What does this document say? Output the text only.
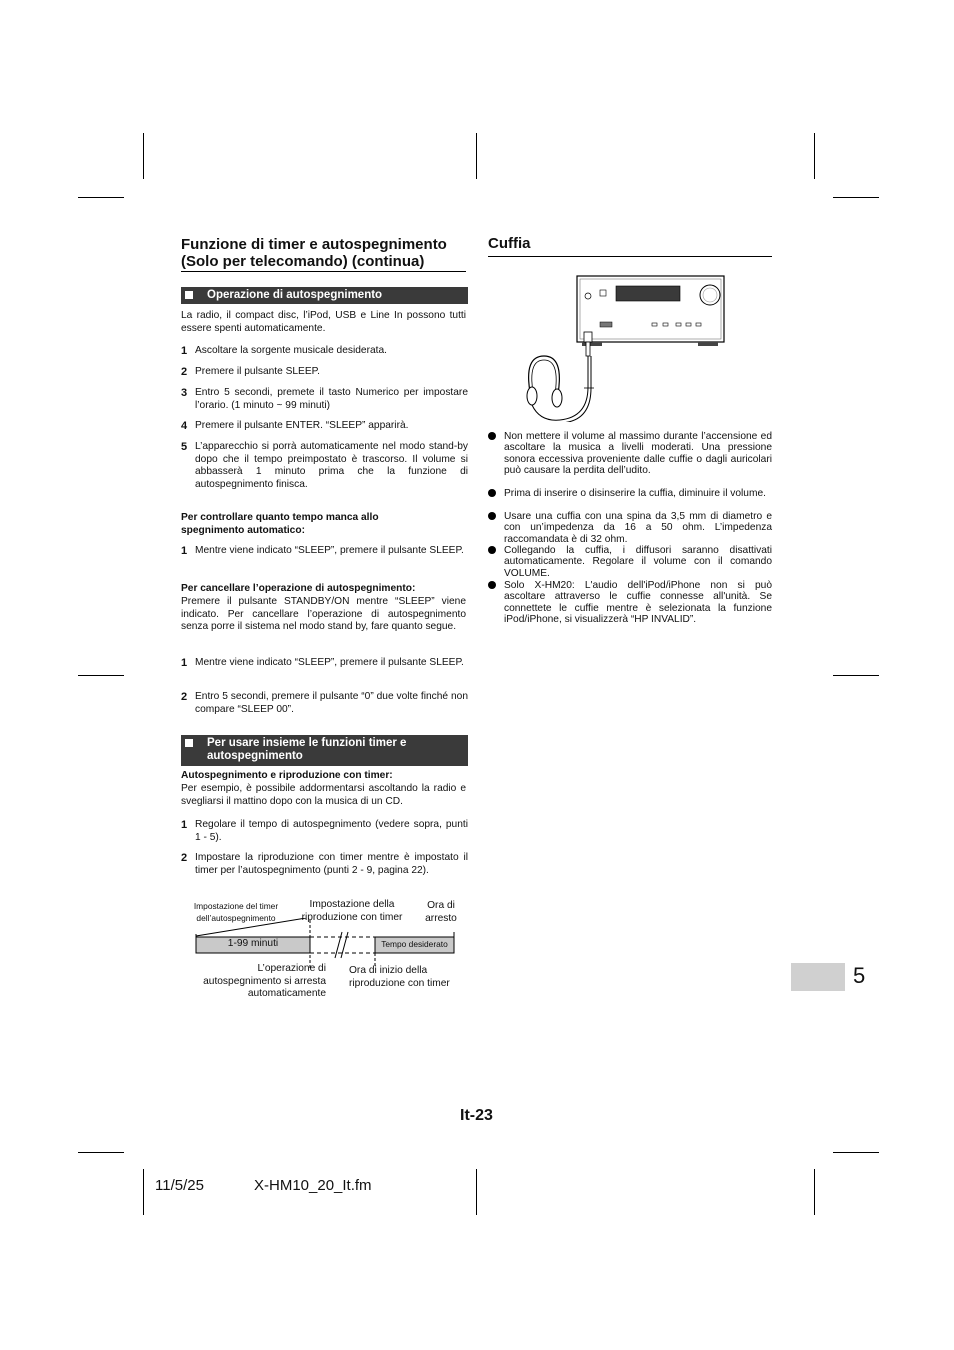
Funzione di timer e autospegnimento
(Solo per telecomando) (continua)
Operazione di autospegnimento
La radio, il compact disc, l’iPod, USB e Line In possono tutti essere spenti automaticamente.
1 Ascoltare la sorgente musicale desiderata.
2 Premere il pulsante SLEEP.
3 Entro 5 secondi, premete il tasto Numerico per impostare l’orario. (1 minuto ~ 99 minuti)
4 Premere il pulsante ENTER. “SLEEP” apparirà.
5 L’apparecchio si porrà automaticamente nel modo stand-by dopo che il tempo preimpostato è trascorso. Il volume si abbasserà 1 minuto prima che la funzione di autospegnimento finisca.
Per controllare quanto tempo manca allo spegnimento automatico:
1 Mentre viene indicato “SLEEP”, premere il pulsante SLEEP.
Per cancellare l’operazione di autospegnimento:
Premere il pulsante STANDBY/ON mentre “SLEEP” viene indicato. Per cancellare l’operazione di autospegnimento senza porre il sistema nel modo stand by, fare quanto segue.
1 Mentre viene indicato “SLEEP”, premere il pulsante SLEEP.
2 Entro 5 secondi, premere il pulsante “0” due volte finché non compare “SLEEP 00”.
Per usare insieme le funzioni timer e autospegnimento
Autospegnimento e riproduzione con timer:
Per esempio, è possibile addormentarsi ascoltando la radio e svegliarsi il mattino dopo con la musica di un CD.
1 Regolare il tempo di autospegnimento (vedere sopra, punti 1 - 5).
2 Impostare la riproduzione con timer mentre è impostato il timer per l’autospegnimento (punti 2 - 9, pagina 22).
Impostazione del timer dell’autospegnimento
Impostazione della riproduzione con timer
Ora di arresto
1-99 minuti	Tempo desiderato
L’operazione di autospegnimento si arresta automaticamente
Ora di inizio della riproduzione con timer
Cuffia
Non mettere il volume al massimo durante l’accensione ed ascoltare la musica a livelli moderati. Una pressione sonora eccessiva proveniente dalle cuffie o dagli auricolari può causare la perdita dell’udito.
Prima di inserire o disinserire la cuffia, diminuire il volume.
Usare una cuffia con una spina da 3,5 mm di diametro e con un’impedenza da 16 a 50 ohm. L’impedenza raccomandata è di 32 ohm.
Collegando la cuffia, i diffusori saranno disattivati automaticamente. Regolare il volume con il comando VOLUME.
Solo X-HM20: L'audio dell'iPod/iPhone non si può ascoltare attraverso le cuffie connesse all'unità. Se connettete le cuffie mentre è selezionata la funzione iPod/iPhone, si visualizzerà “HP INVALID”.
5
It-23
11/5/25	X-HM10_20_It.fm
